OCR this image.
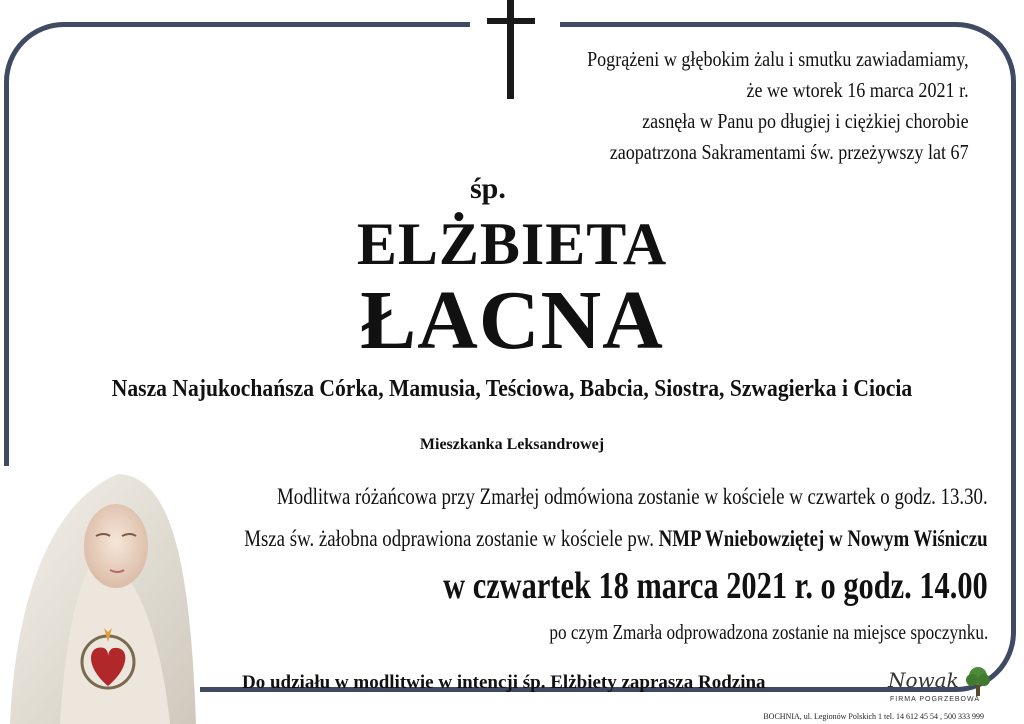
Pogrążeni w głębokim żalu i smutku zawiadamiamy,
że we wtorek 16 marca 2021 r.
zasnęła w Panu po długiej i ciężkiej chorobie
zaopatrzona Sakramentami św. przeżywszy lat 67
śp.
ELŻBIETA
ŁACNA
Nasza Najukochańsza Córka, Mamusia, Teściowa, Babcia, Siostra, Szwagierka i Ciocia
Mieszkanka Leksandrowej
Modlitwa różańcowa przy Zmarłej odmówiona zostanie w kościele w czwartek o godz. 13.30.
Msza św. żałobna odprawiona zostanie w kościele pw. NMP Wniebowziętej w Nowym Wiśniczu
w czwartek 18 marca 2021 r. o godz. 14.00
po czym Zmarła odprowadzona zostanie na miejsce spoczynku.
Do udziału w modlitwie w intencji śp. Elżbiety zaprasza Rodzina	Nowak
FIRMA POGRZEBOWA
BOCHNIA, ul. Legionów Polskich 1 tel. 14 612 45 54 , 500 333 999
